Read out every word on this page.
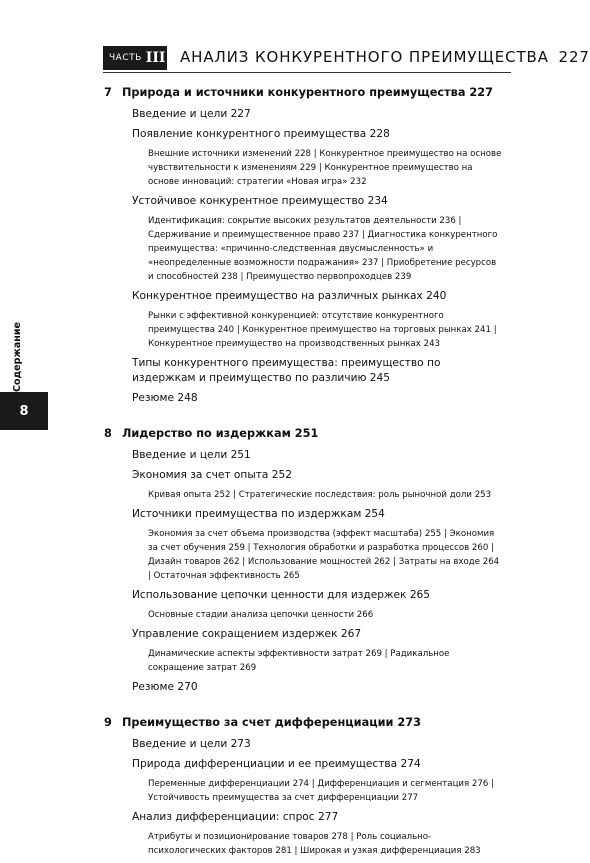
ЧАСТЬ III АНАЛИЗ КОНКУРЕНТНОГО ПРЕИМУЩЕСТВА 227
Содержание
8
7 Природа и источники конкурентного преимущества 227
Введение и цели 227
Появление конкурентного преимущества 228
Внешние источники изменений 228 | Конкурентное преимущество на основе чувствительности к изменениям 229 | Конкурентное преимущество на основе инноваций: стратегии «Новая игра» 232
Устойчивое конкурентное преимущество 234
Идентификация: сокрытие высоких результатов деятельности 236 | Сдерживание и преимущественное право 237 | Диагностика конкурентного преимущества: «причинно-следственная двусмысленность» и «неопределенные возможности подражания» 237 | Приобретение ресурсов и способностей 238 | Преимущество первопроходцев 239
Конкурентное преимущество на различных рынках 240
Рынки с эффективной конкуренцией: отсутствие конкурентного преимущества 240 | Конкурентное преимущество на торговых рынках 241 | Конкурентное преимущество на производственных рынках 243
Типы конкурентного преимущества: преимущество по издержкам и преимущество по различию 245
Резюме 248
8 Лидерство по издержкам 251
Введение и цели 251
Экономия за счет опыта 252
Кривая опыта 252 | Стратегические последствия: роль рыночной доли 253
Источники преимущества по издержкам 254
Экономия за счет объема производства (эффект масштаба) 255 | Экономия за счет обучения 259 | Технология обработки и разработка процессов 260 | Дизайн товаров 262 | Использование мощностей 262 | Затраты на входе 264 | Остаточная эффективность 265
Использование цепочки ценности для издержек 265
Основные стадии анализа цепочки ценности 266
Управление сокращением издержек 267
Динамические аспекты эффективности затрат 269 | Радикальное сокращение затрат 269
Резюме 270
9 Преимущество за счет дифференциации 273
Введение и цели 273
Природа дифференциации и ее преимущества 274
Переменные дифференциации 274 | Дифференциация и сегментация 276 | Устойчивость преимущества за счет дифференциации 277
Анализ дифференциации: спрос 277
Атрибуты и позиционирование товаров 278 | Роль социально-психологических факторов 281 | Широкая и узкая дифференциация 283
